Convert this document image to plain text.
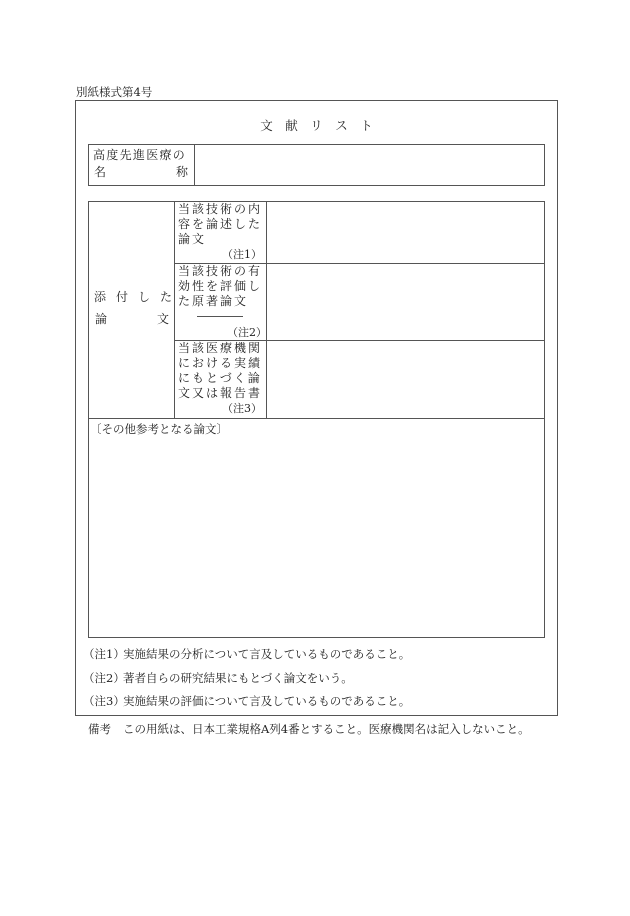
別紙様式第4号
文　献　リ　ス　ト
高度先進医療の
名	称
添　付　し　た
論	文
当該技術の内
容を論述した
論文
（注1）
当該技術の有
効性を評価し
た原著論文
（注2）
当該医療機関
における実績
にもとづく論
文又は報告書
（注3）
〔その他参考となる論文〕
（注1）実施結果の分析について言及しているものであること。
（注2）著者自らの研究結果にもとづく論文をいう。
（注3）実施結果の評価について言及しているものであること。
備考 この用紙は、日本工業規格A列4番とすること。医療機関名は記入しないこと。
